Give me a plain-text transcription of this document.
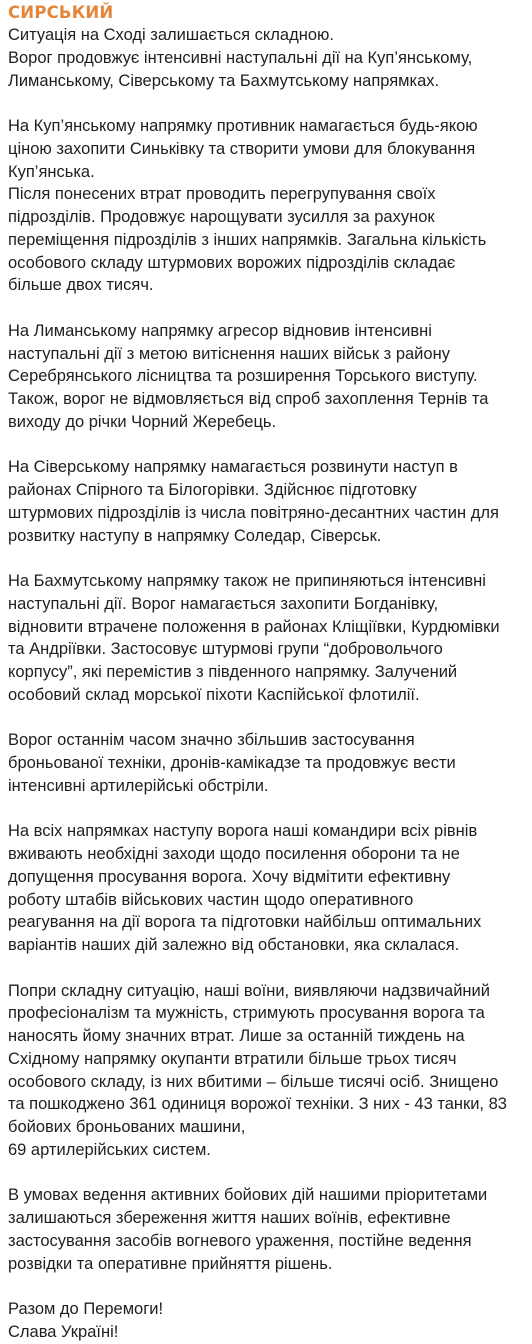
СИРСЬКИЙ
Ситуація на Сході залишається складною.
Ворог продовжує інтенсивні наступальні дії на Куп’янському,
Лиманському, Сіверському та Бахмутському напрямках.
На Куп’янському напрямку противник намагається будь-якою
ціною захопити Синьківку та створити умови для блокування
Куп’янська.
Після понесених втрат проводить перегрупування своїх
підрозділів. Продовжує нарощувати зусилля за рахунок
переміщення підрозділів з інших напрямків. Загальна кількість
особового складу штурмових ворожих підрозділів складає
більше двох тисяч.
На Лиманському напрямку агресор відновив інтенсивні
наступальні дії з метою витіснення наших військ з району
Серебрянського лісництва та розширення Торського виступу.
Також, ворог не відмовляється від спроб захоплення Тернів та
виходу до річки Чорний Жеребець.
На Сіверському напрямку намагається розвинути наступ в
районах Спірного та Білогорівки. Здійснює підготовку
штурмових підрозділів із числа повітряно-десантних частин для
розвитку наступу в напрямку Соледар, Сіверськ.
На Бахмутському напрямку також не припиняються інтенсивні
наступальні дії. Ворог намагається захопити Богданівку,
відновити втрачене положення в районах Кліщіївки, Курдюмівки
та Андріївки. Застосовує штурмові групи “добровольчого
корпусу”, які перемістив з південного напрямку. Залучений
особовий склад морської піхоти Каспійської флотилії.
Ворог останнім часом значно збільшив застосування
броньованої техніки, дронів-камікадзе та продовжує вести
інтенсивні артилерійські обстріли.
На всіх напрямках наступу ворога наші командири всіх рівнів
вживають необхідні заходи щодо посилення оборони та не
допущення просування ворога. Хочу відмітити ефективну
роботу штабів військових частин щодо оперативного
реагування на дії ворога та підготовки найбільш оптимальних
варіантів наших дій залежно від обстановки, яка склалася.
Попри складну ситуацію, наші воїни, виявляючи надзвичайний
професіоналізм та мужність, стримують просування ворога та
наносять йому значних втрат. Лише за останній тиждень на
Східному напрямку окупанти втратили більше трьох тисяч
особового складу, із них вбитими – більше тисячі осіб. Знищено
та пошкоджено 361 одиниця ворожої техніки. З них - 43 танки, 83
бойових броньованих машини,
69 артилерійських систем.
В умовах ведення активних бойових дій нашими пріоритетами
залишаються збереження життя наших воїнів, ефективне
застосування засобів вогневого ураження, постійне ведення
розвідки та оперативне прийняття рішень.
Разом до Перемоги!
Слава Україні!
